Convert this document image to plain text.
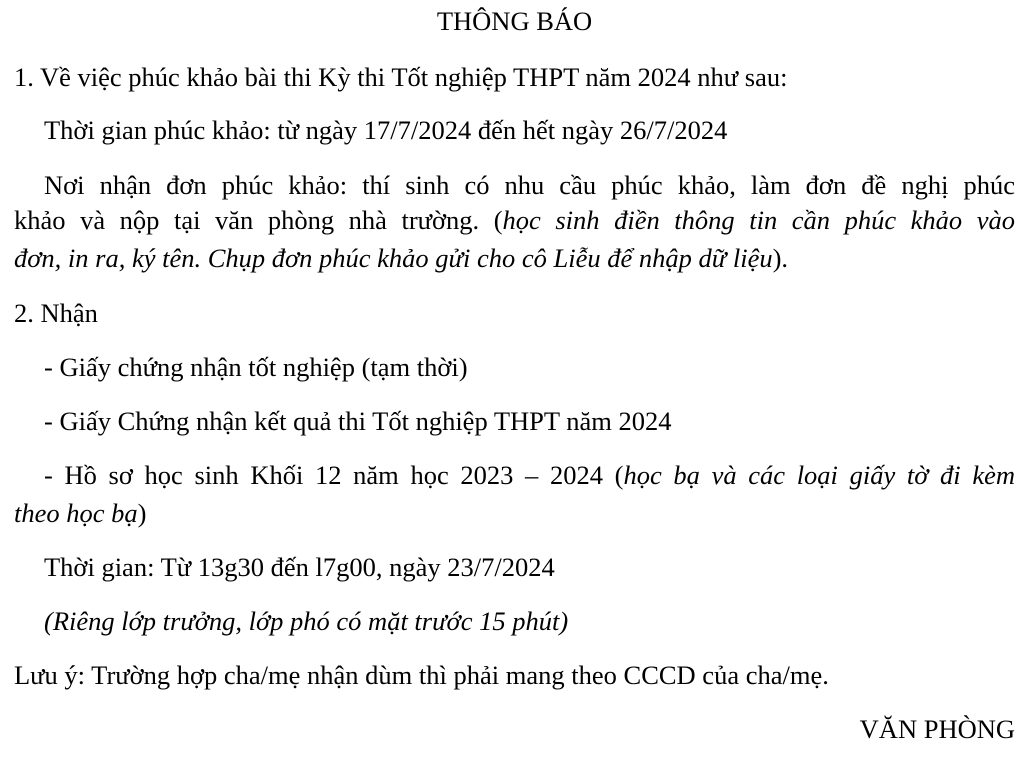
THÔNG BÁO
1. Về việc phúc khảo bài thi Kỳ thi Tốt nghiệp THPT năm 2024 như sau:
Thời gian phúc khảo: từ ngày 17/7/2024 đến hết ngày 26/7/2024
Nơi nhận đơn phúc khảo: thí sinh có nhu cầu phúc khảo, làm đơn đề nghị phúc
khảo và nộp tại văn phòng nhà trường. (học sinh điền thông tin cần phúc khảo vào
đơn, in ra, ký tên. Chụp đơn phúc khảo gửi cho cô Liễu để nhập dữ liệu).
2. Nhận
- Giấy chứng nhận tốt nghiệp (tạm thời)
- Giấy Chứng nhận kết quả thi Tốt nghiệp THPT năm 2024
- Hồ sơ học sinh Khối 12 năm học 2023 – 2024 (học bạ và các loại giấy tờ đi kèm
theo học bạ)
Thời gian: Từ 13g30 đến l7g00, ngày 23/7/2024
(Riêng lớp trưởng, lớp phó có mặt trước 15 phút)
Lưu ý: Trường hợp cha/mẹ nhận dùm thì phải mang theo CCCD của cha/mẹ.
VĂN PHÒNG
